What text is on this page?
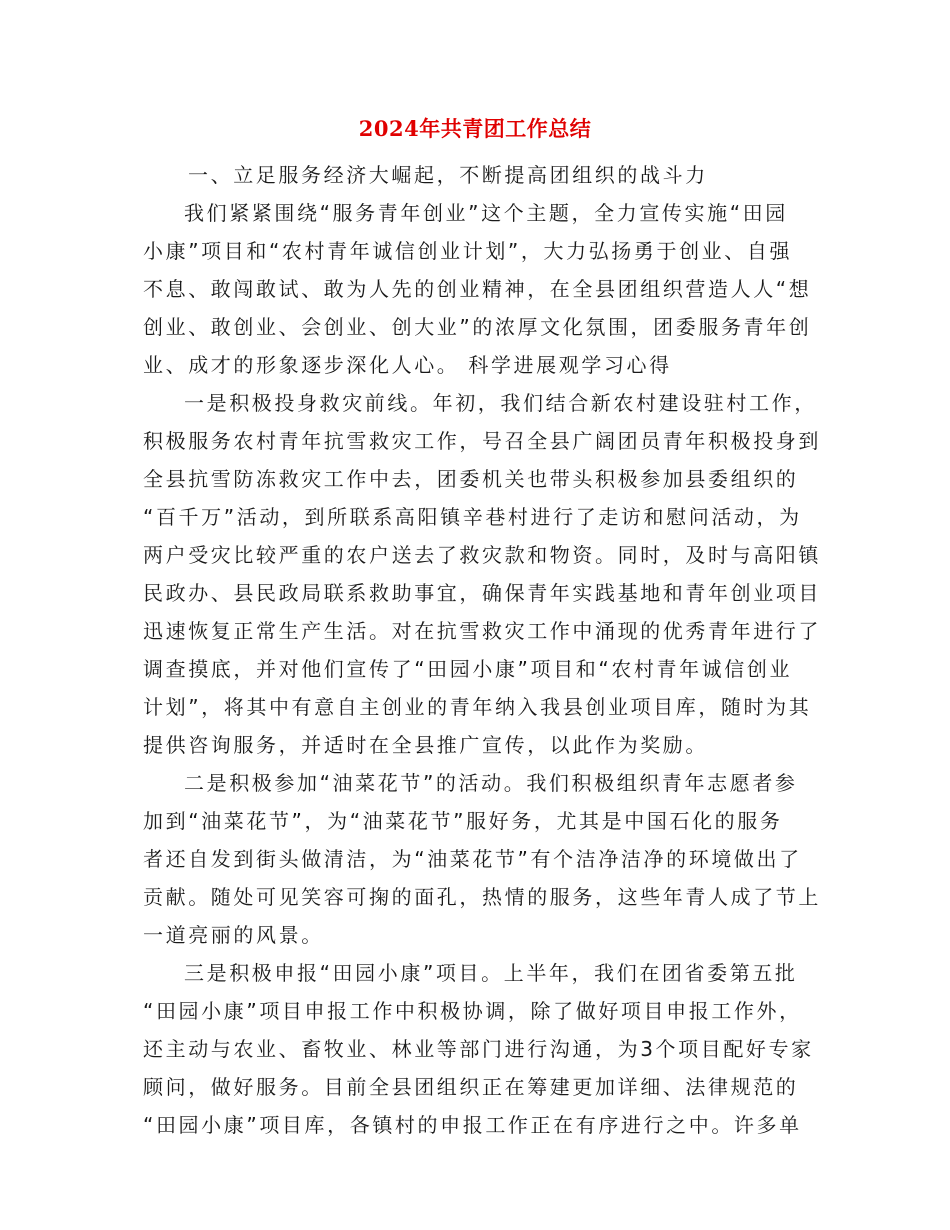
2024年共青团工作总结
一、立足服务经济大崛起，不断提高团组织的战斗力
我们紧紧围绕“服务青年创业”这个主题，全力宣传实施“田园
小康”项目和“农村青年诚信创业计划”，大力弘扬勇于创业、自强
不息、敢闯敢试、敢为人先的创业精神，在全县团组织营造人人“想
创业、敢创业、会创业、创大业”的浓厚文化氛围，团委服务青年创
业、成才的形象逐步深化人心。 科学进展观学习心得
一是积极投身救灾前线。年初，我们结合新农村建设驻村工作，
积极服务农村青年抗雪救灾工作，号召全县广阔团员青年积极投身到
全县抗雪防冻救灾工作中去，团委机关也带头积极参加县委组织的
“百千万”活动，到所联系高阳镇辛巷村进行了走访和慰问活动，为
两户受灾比较严重的农户送去了救灾款和物资。同时，及时与高阳镇
民政办、县民政局联系救助事宜，确保青年实践基地和青年创业项目
迅速恢复正常生产生活。对在抗雪救灾工作中涌现的优秀青年进行了
调查摸底，并对他们宣传了“田园小康”项目和“农村青年诚信创业
计划”，将其中有意自主创业的青年纳入我县创业项目库，随时为其
提供咨询服务，并适时在全县推广宣传，以此作为奖励。
二是积极参加“油菜花节”的活动。我们积极组织青年志愿者参
加到“油菜花节”，为“油菜花节”服好务，尤其是中国石化的服务
者还自发到街头做清洁，为“油菜花节”有个洁净洁净的环境做出了
贡献。随处可见笑容可掬的面孔，热情的服务，这些年青人成了节上
一道亮丽的风景。
三是积极申报“田园小康”项目。上半年，我们在团省委第五批
“田园小康”项目申报工作中积极协调，除了做好项目申报工作外，
还主动与农业、畜牧业、林业等部门进行沟通，为3个项目配好专家
顾问，做好服务。目前全县团组织正在筹建更加详细、法律规范的
“田园小康”项目库，各镇村的申报工作正在有序进行之中。许多单
